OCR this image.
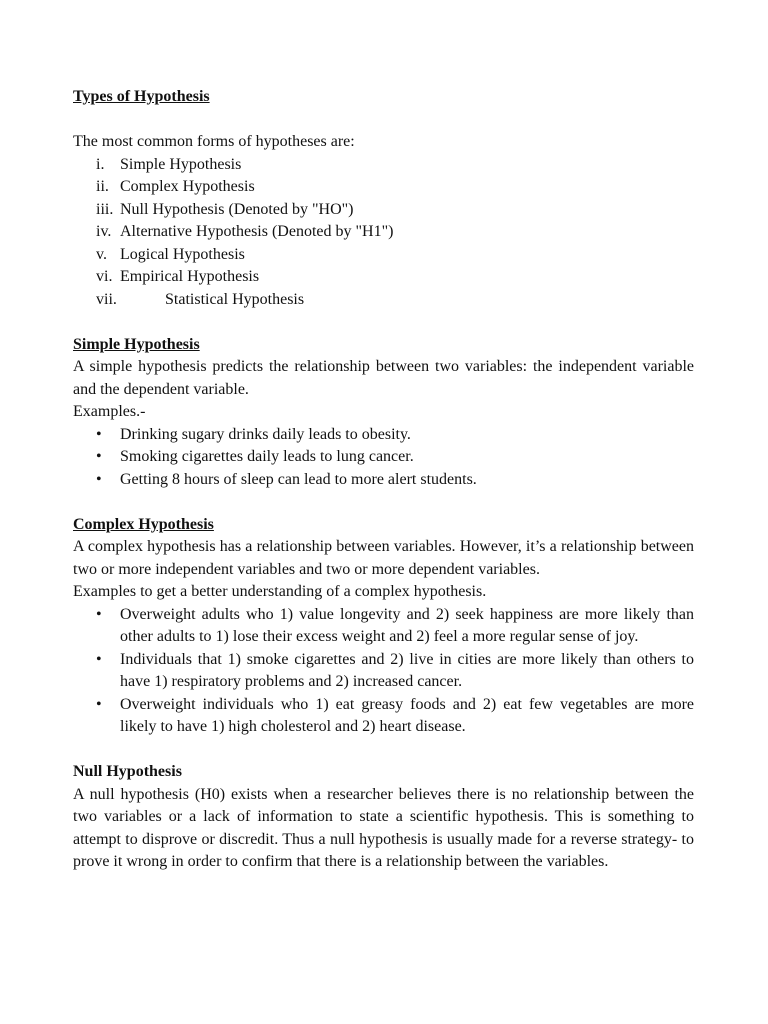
Types of Hypothesis

The most common forms of hypotheses are:

i. Simple Hypothesis
ii. Complex Hypothesis
iii. Null Hypothesis (Denoted by "HO")
iv. Alternative Hypothesis (Denoted by "H1")
v. Logical Hypothesis
vi. Empirical Hypothesis
vii.	Statistical Hypothesis
Simple Hypothesis

A simple hypothesis predicts the relationship between two variables: the independent variable and the dependent variable.

Examples.-

• Drinking sugary drinks daily leads to obesity.
• Smoking cigarettes daily leads to lung cancer.
• Getting 8 hours of sleep can lead to more alert students.
Complex Hypothesis

A complex hypothesis has a relationship between variables. However, it’s a relationship between two or more independent variables and two or more dependent variables.

Examples to get a better understanding of a complex hypothesis.

• Overweight adults who 1) value longevity and 2) seek happiness are more likely than other adults to 1) lose their excess weight and 2) feel a more regular sense of joy.
• Individuals that 1) smoke cigarettes and 2) live in cities are more likely than others to have 1) respiratory problems and 2) increased cancer.
• Overweight individuals who 1) eat greasy foods and 2) eat few vegetables are more likely to have 1) high cholesterol and 2) heart disease.
Null Hypothesis

A null hypothesis (H0) exists when a researcher believes there is no relationship between the two variables or a lack of information to state a scientific hypothesis. This is something to attempt to disprove or discredit. Thus a null hypothesis is usually made for a reverse strategy- to prove it wrong in order to confirm that there is a relationship between the variables.
